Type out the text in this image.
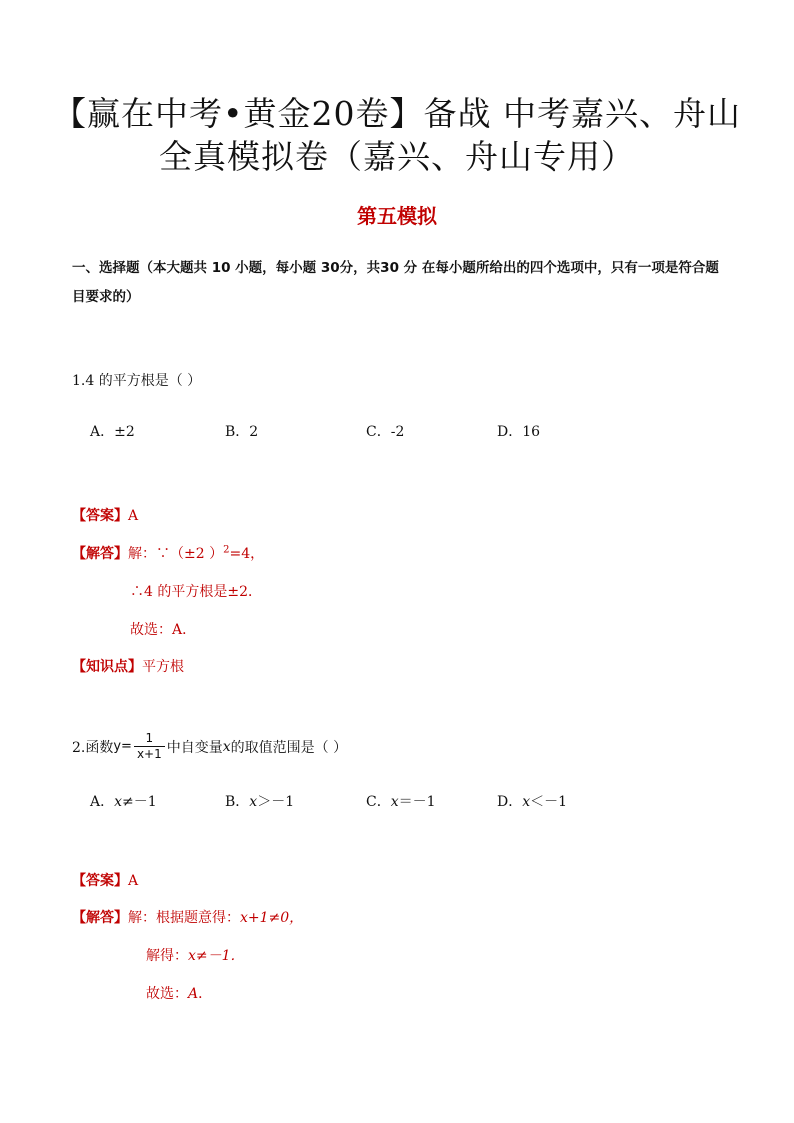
【赢在中考•黄金20卷】备战 中考嘉兴、舟山
全真模拟卷（嘉兴、舟山专用）
第五模拟
一、选择题（本大题共 10 小题，每小题 30分，共30 分 在每小题所给出的四个选项中，只有一项是符合题目要求的）
1.4 的平方根是（ ）
A．±2	B．2	C．-2	D．16
【答案】A
【解答】解：∵（±2 ）$^2$=4，
∴4 的平方根是±2．
故选：A．
【知识点】平方根
2.函数$y= \frac{1}{x+1}$ 中自变量x的取值范围是（ ）
A．x≠－1	B．x＞－1	C．x＝－1	D．x＜－1
【答案】A
【解答】解：根据题意得：x+1≠0，
解得：x≠－1．
故选：A．
